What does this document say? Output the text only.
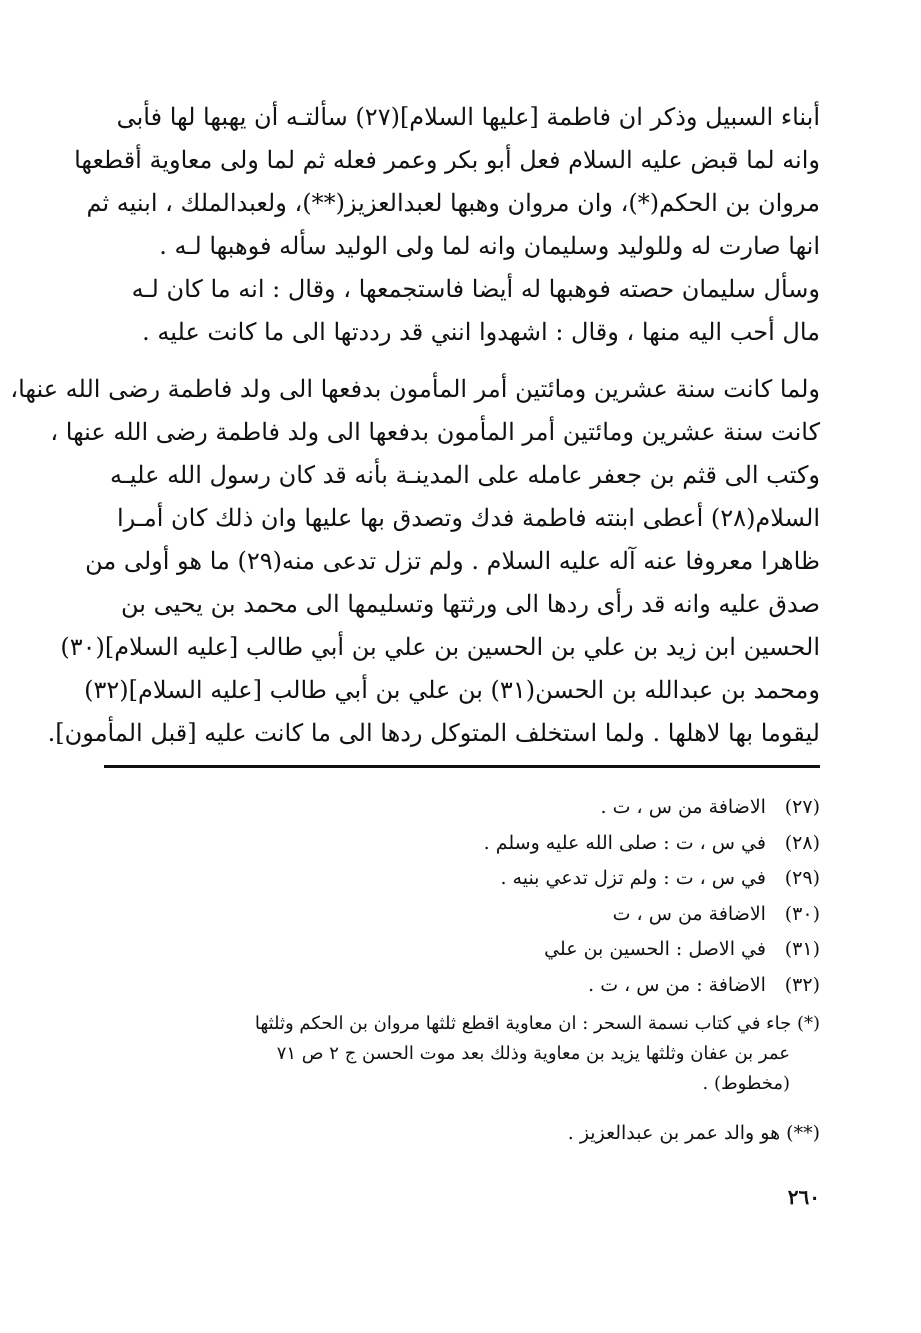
أبناء السبيل وذكر ان فاطمة [عليها السلام](٢٧) سألتـه أن يهبها لها فأبى
وانه لما قبض عليه السلام فعل أبو بكر وعمر فعله ثم لما ولى معاوية أقطعها
مروان بن الحكم(*)، وان مروان وهبها لعبدالعزيز(**)، ولعبدالملك ، ابنيه ثم
انها صارت له وللوليد وسليمان وانه لما ولى الوليد سأله فوهبها لـه .
وسأل سليمان حصته فوهبها له أيضا فاستجمعها ، وقال : انه ما كان لـه
مال أحب اليه منها ، وقال : اشهدوا انني قد رددتها الى ما كانت عليه .
ولما كانت سنة عشرين ومائتين أمر المأمون بدفعها الى ولد فاطمة رضى الله عنها،
كانت سنة عشرين ومائتين أمر المأمون بدفعها الى ولد فاطمة رضى الله عنها ،
وكتب الى قثم بن جعفر عامله على المدينـة بأنه قد كان رسول الله عليـه
السلام(٢٨) أعطى ابنته فاطمة فدك وتصدق بها عليها وان ذلك كان أمـرا
ظاهرا معروفا عنه آله عليه السلام . ولم تزل تدعى منه(٢٩) ما هو أولى من
صدق عليه وانه قد رأى ردها الى ورثتها وتسليمها الى محمد بن يحيى بن
الحسين ابن زيد بن علي بن الحسين بن علي بن أبي طالب [عليه السلام](٣٠)
ومحمد بن عبدالله بن الحسن(٣١) بن علي بن أبي طالب [عليه السلام](٣٢)
ليقوما بها لاهلها . ولما استخلف المتوكل ردها الى ما كانت عليه [قبل المأمون].
(٢٧) الاضافة من س ، ت .
(٢٨) في س ، ت : صلى الله عليه وسلم .
(٢٩) في س ، ت : ولم تزل تدعي بنيه .
(٣٠) الاضافة من س ، ت
(٣١) في الاصل : الحسين بن علي
(٣٢) الاضافة : من س ، ت .
(*) جاء في كتاب نسمة السحر : ان معاوية اقطع ثلثها مروان بن الحكم وثلثها
عمر بن عفان وثلثها يزيد بن معاوية وذلك بعد موت الحسن ج ٢ ص ٧١
(مخطوط) .
(**) هو والد عمر بن عبدالعزيز .
٢٦٠
